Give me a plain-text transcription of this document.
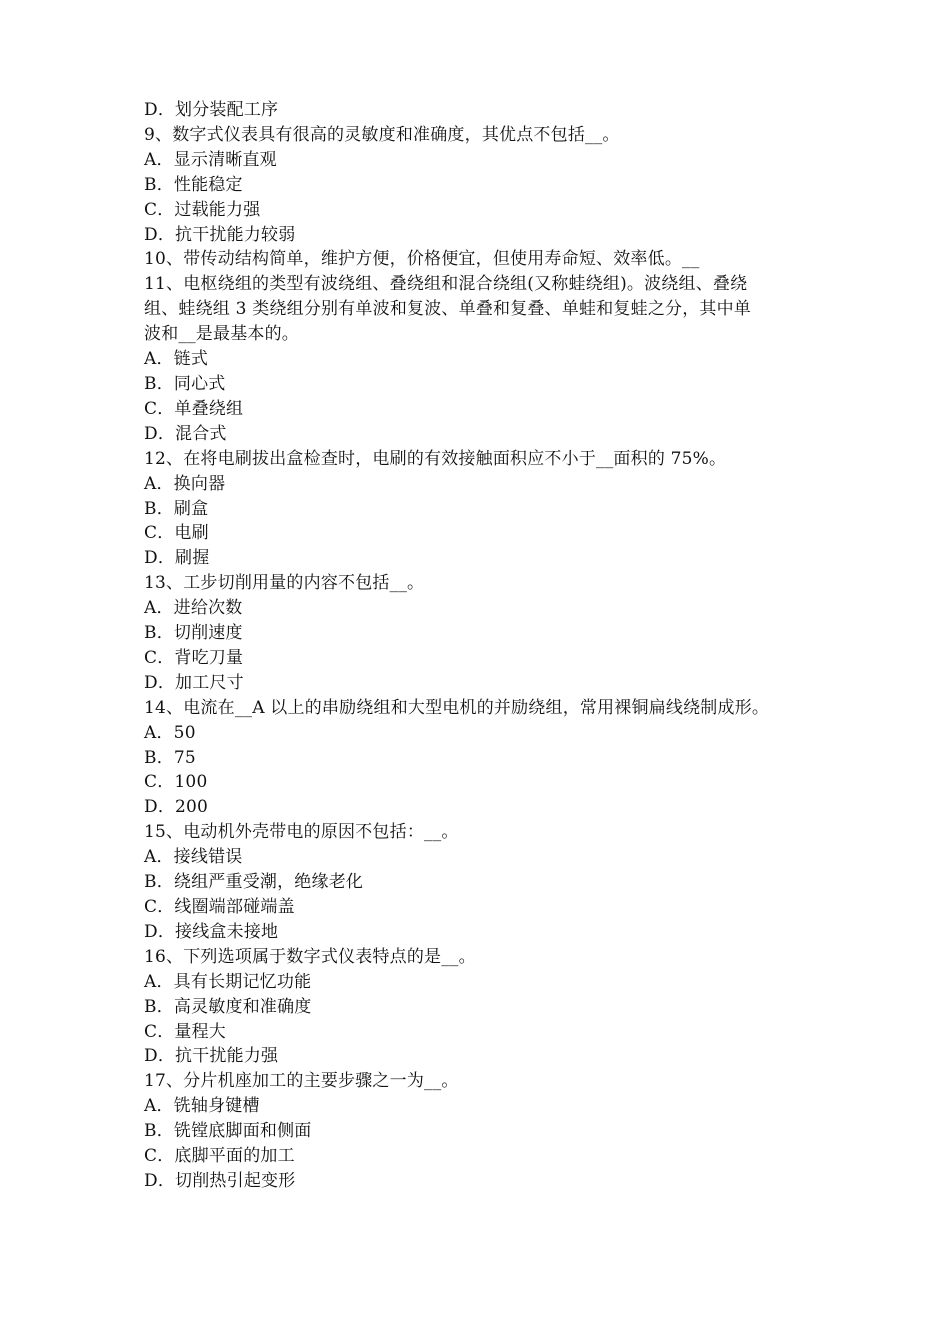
D．划分装配工序
9、数字式仪表具有很高的灵敏度和准确度，其优点不包括__。
A．显示清晰直观
B．性能稳定
C．过载能力强
D．抗干扰能力较弱
10、带传动结构简单，维护方便，价格便宜，但使用寿命短、效率低。__
11、电枢绕组的类型有波绕组、叠绕组和混合绕组(又称蛙绕组)。波绕组、叠绕
组、蛙绕组 3 类绕组分别有单波和复波、单叠和复叠、单蛙和复蛙之分，其中单
波和__是最基本的。
A．链式
B．同心式
C．单叠绕组
D．混合式
12、在将电刷拔出盒检查时，电刷的有效接触面积应不小于__面积的 75%。
A．换向器
B．刷盒
C．电刷
D．刷握
13、工步切削用量的内容不包括__。
A．进给次数
B．切削速度
C．背吃刀量
D．加工尺寸
14、电流在__A 以上的串励绕组和大型电机的并励绕组，常用裸铜扁线绕制成形。
A．50
B．75
C．100
D．200
15、电动机外壳带电的原因不包括：__。
A．接线错误
B．绕组严重受潮，绝缘老化
C．线圈端部碰端盖
D．接线盒未接地
16、下列选项属于数字式仪表特点的是__。
A．具有长期记忆功能
B．高灵敏度和准确度
C．量程大
D．抗干扰能力强
17、分片机座加工的主要步骤之一为__。
A．铣轴身键槽
B．铣镗底脚面和侧面
C．底脚平面的加工
D．切削热引起变形
